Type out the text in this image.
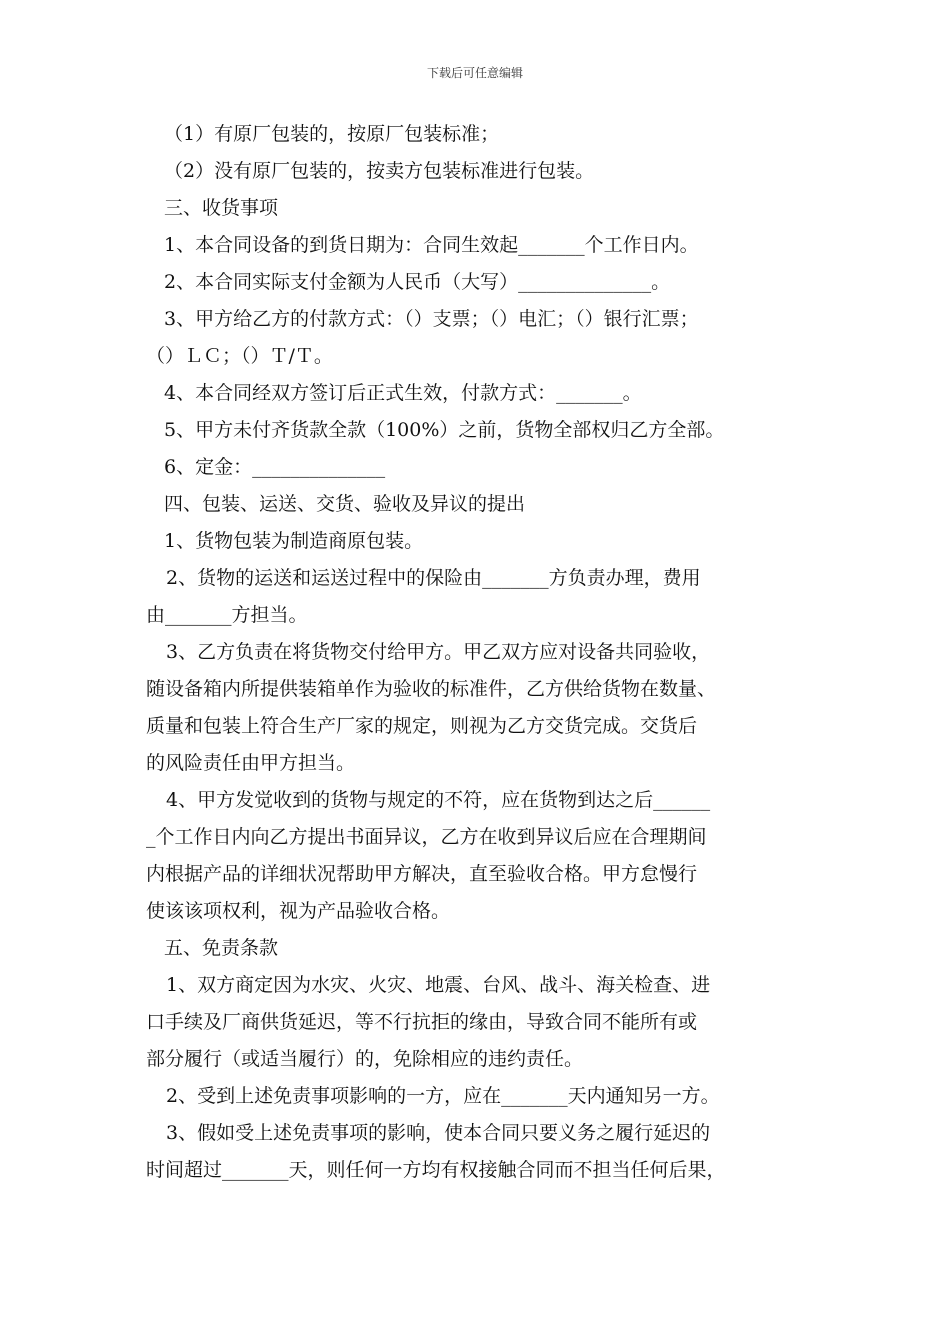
下载后可任意编辑
（1）有原厂包装的，按原厂包装标准；
（2）没有原厂包装的，按卖方包装标准进行包装。
三、收货事项
1、本合同设备的到货日期为：合同生效起_______个工作日内。
2、本合同实际支付金额为人民币（大写）______________。
3、甲方给乙方的付款方式：（）支票；（）电汇；（）银行汇票；
（）ＬＣ；（）Ｔ/Ｔ。
4、本合同经双方签订后正式生效，付款方式：_______。
5、甲方未付齐货款全款（100%）之前，货物全部权归乙方全部。
6、定金：______________
四、包装、运送、交货、验收及异议的提出
1、货物包装为制造商原包装。
2、货物的运送和运送过程中的保险由_______方负责办理，费用
由_______方担当。
3、乙方负责在将货物交付给甲方。甲乙双方应对设备共同验收，
随设备箱内所提供装箱单作为验收的标准件，乙方供给货物在数量、
质量和包装上符合生产厂家的规定，则视为乙方交货完成。交货后
的风险责任由甲方担当。
4、甲方发觉收到的货物与规定的不符，应在货物到达之后______
_个工作日内向乙方提出书面异议，乙方在收到异议后应在合理期间
内根据产品的详细状况帮助甲方解决，直至验收合格。甲方怠慢行
使该该项权利，视为产品验收合格。
五、免责条款
1、双方商定因为水灾、火灾、地震、台风、战斗、海关检查、进
口手续及厂商供货延迟，等不行抗拒的缘由，导致合同不能所有或
部分履行（或适当履行）的，免除相应的违约责任。
2、受到上述免责事项影响的一方，应在_______天内通知另一方。
3、假如受上述免责事项的影响，使本合同只要义务之履行延迟的
时间超过_______天，则任何一方均有权接触合同而不担当任何后果，
